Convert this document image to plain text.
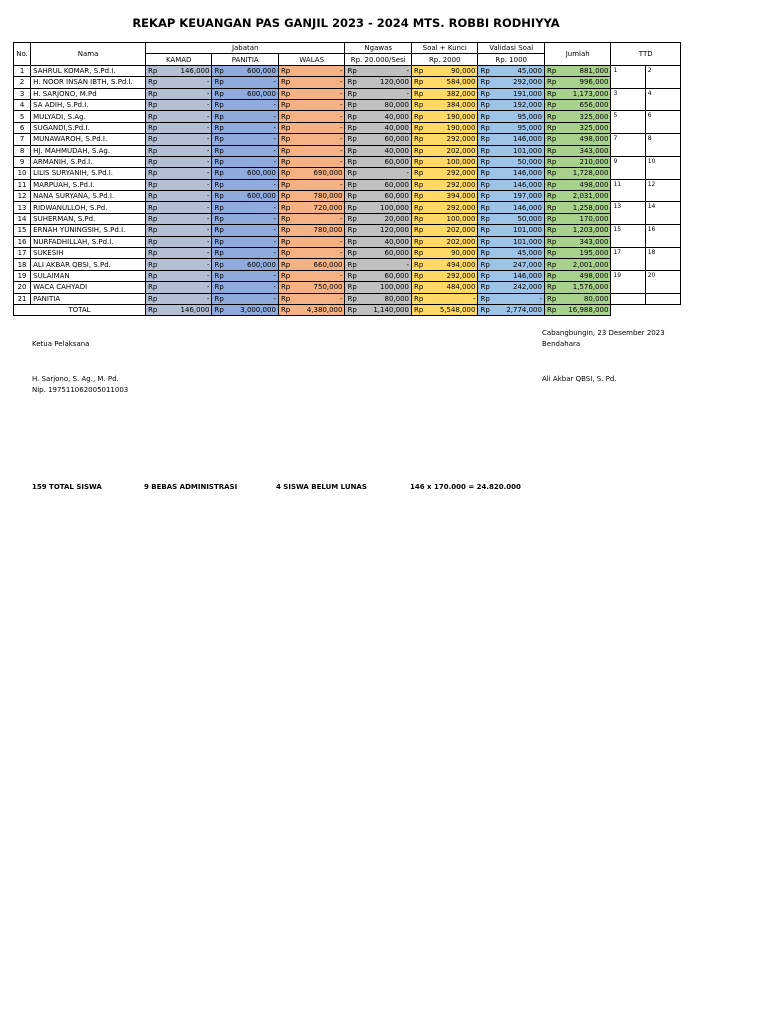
REKAP KEUANGAN PAS GANJIL 2023 - 2024 MTS. ROBBI RODHIYYA
No.	Nama	Jabatan						Ngawas		Soal + Kunci		Validasi Soal		Jumlah		TTD	
		KAMAD		PANITIA		WALAS		Rp. 20.000/Sesi		Rp. 2000		Rp. 1000					
1	SAHRUL KOMAR, S.Pd.I.	Rp	146,000	Rp	600,000	Rp	-	Rp	-	Rp	90,000	Rp	45,000	Rp	881,000	1	2
2	H. NOOR INSAN IBTH, S.Pd.I.	Rp	-	Rp	-	Rp	-	Rp	120,000	Rp	584,000	Rp	292,000	Rp	996,000		
3	H. SARJONO, M.Pd	Rp	-	Rp	600,000	Rp	-	Rp	-	Rp	382,000	Rp	191,000	Rp	1,173,000	3	4
4	SA ADIH, S.Pd.I.	Rp	-	Rp	-	Rp	-	Rp	80,000	Rp	384,000	Rp	192,000	Rp	656,000		
5	MULYADI, S.Ag.	Rp	-	Rp	-	Rp	-	Rp	40,000	Rp	190,000	Rp	95,000	Rp	325,000	5	6
6	SUGANDI,S.Pd.I.	Rp	-	Rp	-	Rp	-	Rp	40,000	Rp	190,000	Rp	95,000	Rp	325,000		
7	MUNAWAROH, S.Pd.I.	Rp	-	Rp	-	Rp	-	Rp	60,000	Rp	292,000	Rp	146,000	Rp	498,000	7	8
8	HJ. MAHMUDAH, S.Ag.	Rp	-	Rp	-	Rp	-	Rp	40,000	Rp	202,000	Rp	101,000	Rp	343,000		
9	ARMANIH, S.Pd.I.	Rp	-	Rp	-	Rp	-	Rp	60,000	Rp	100,000	Rp	50,000	Rp	210,000	9	10
10	LILIS SURYANIH, S.Pd.I.	Rp	-	Rp	600,000	Rp	690,000	Rp	-	Rp	292,000	Rp	146,000	Rp	1,728,000		
11	MARPUAH, S.Pd.I.	Rp	-	Rp	-	Rp	-	Rp	60,000	Rp	292,000	Rp	146,000	Rp	498,000	11	12
12	NANA SURYANA, S.Pd.I.	Rp	-	Rp	600,000	Rp	780,000	Rp	60,000	Rp	394,000	Rp	197,000	Rp	2,031,000		
13	RIDWANULLOH, S.Pd.	Rp	-	Rp	-	Rp	720,000	Rp	100,000	Rp	292,000	Rp	146,000	Rp	1,258,000	13	14
14	SUHERMAN, S.Pd.	Rp	-	Rp	-	Rp	-	Rp	20,000	Rp	100,000	Rp	50,000	Rp	170,000		
15	ERNAH YUNINGSIH, S.Pd.I.	Rp	-	Rp	-	Rp	780,000	Rp	120,000	Rp	202,000	Rp	101,000	Rp	1,203,000	15	16
16	NURFADHILLAH, S.Pd.I.	Rp	-	Rp	-	Rp	-	Rp	40,000	Rp	202,000	Rp	101,000	Rp	343,000		
17	SUKESIH	Rp	-	Rp	-	Rp	-	Rp	60,000	Rp	90,000	Rp	45,000	Rp	195,000	17	18
18	ALI AKBAR QBSI, S.Pd.	Rp	-	Rp	600,000	Rp	660,000	Rp	-	Rp	494,000	Rp	247,000	Rp	2,001,000		
19	SULAIMAN	Rp	-	Rp	-	Rp	-	Rp	60,000	Rp	292,000	Rp	146,000	Rp	498,000	19	20
20	WACA CAHYADI	Rp	-	Rp	-	Rp	750,000	Rp	100,000	Rp	484,000	Rp	242,000	Rp	1,576,000		
21	PANITIA	Rp	-	Rp	-	Rp	-	Rp	80,000	Rp	-	Rp	-	Rp	80,000		
TOTAL		Rp	146,000	Rp	3,000,000	Rp	4,380,000	Rp	1,140,000	Rp	5,548,000	Rp	2,774,000	Rp	16,988,000		
Cabangbungin, 23 Desember 2023
Ketua Pelaksana	Bendahara
H. Sarjono, S. Ag., M. Pd.
Nip. 197511062005011003
Ali Akbar QBSI, S. Pd.
159 TOTAL SISWA	9 BEBAS ADMINISTRASI	4 SISWA BELUM LUNAS	146 x 170.000 = 24.820.000
